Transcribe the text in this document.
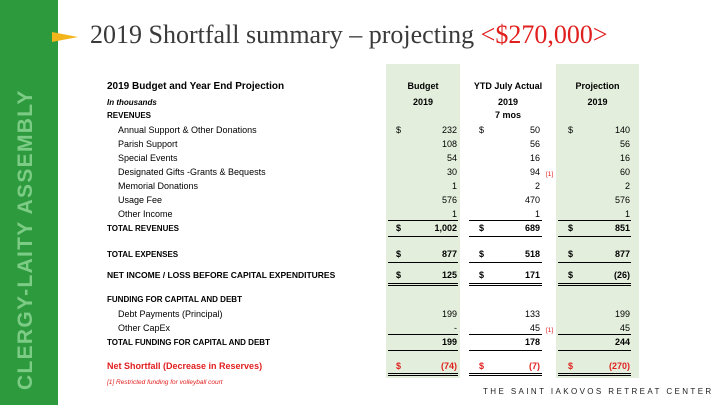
CLERGY-LAITY ASSEMBLY
2019 Shortfall summary – projecting <$270,000>
2019 Budget and Year End Projection
In thousands
Budget
2019
YTD July Actual
2019
7 mos
Projection
2019
REVENUES
Annual Support & Other Donations	$	232 $	50	$	140
Parish Support	108	56	56
Special Events	54	16	16
Designated Gifts -Grants & Bequests	30	94 [1]	60
Memorial Donations	1	2	2
Usage Fee	576	470	576
Other Income	1	1	1
TOTAL REVENUES	$	1,002 $	689	$	851
TOTAL EXPENSES	$	877 $	518	$	877
NET INCOME / LOSS BEFORE CAPITAL EXPENDITURES	$	125 $	171	$	(26)
FUNDING FOR CAPITAL AND DEBT
Debt Payments (Principal)	199	133	199
Other CapEx	-	45 [1]	45
TOTAL FUNDING FOR CAPITAL AND DEBT	199	178	244
Net Shortfall (Decrease in Reserves)	$	(74) $	(7)	$	(270)
[1] Restricted funding for volleyball court
THE SAINT IAKOVOS RETREAT CENTER
